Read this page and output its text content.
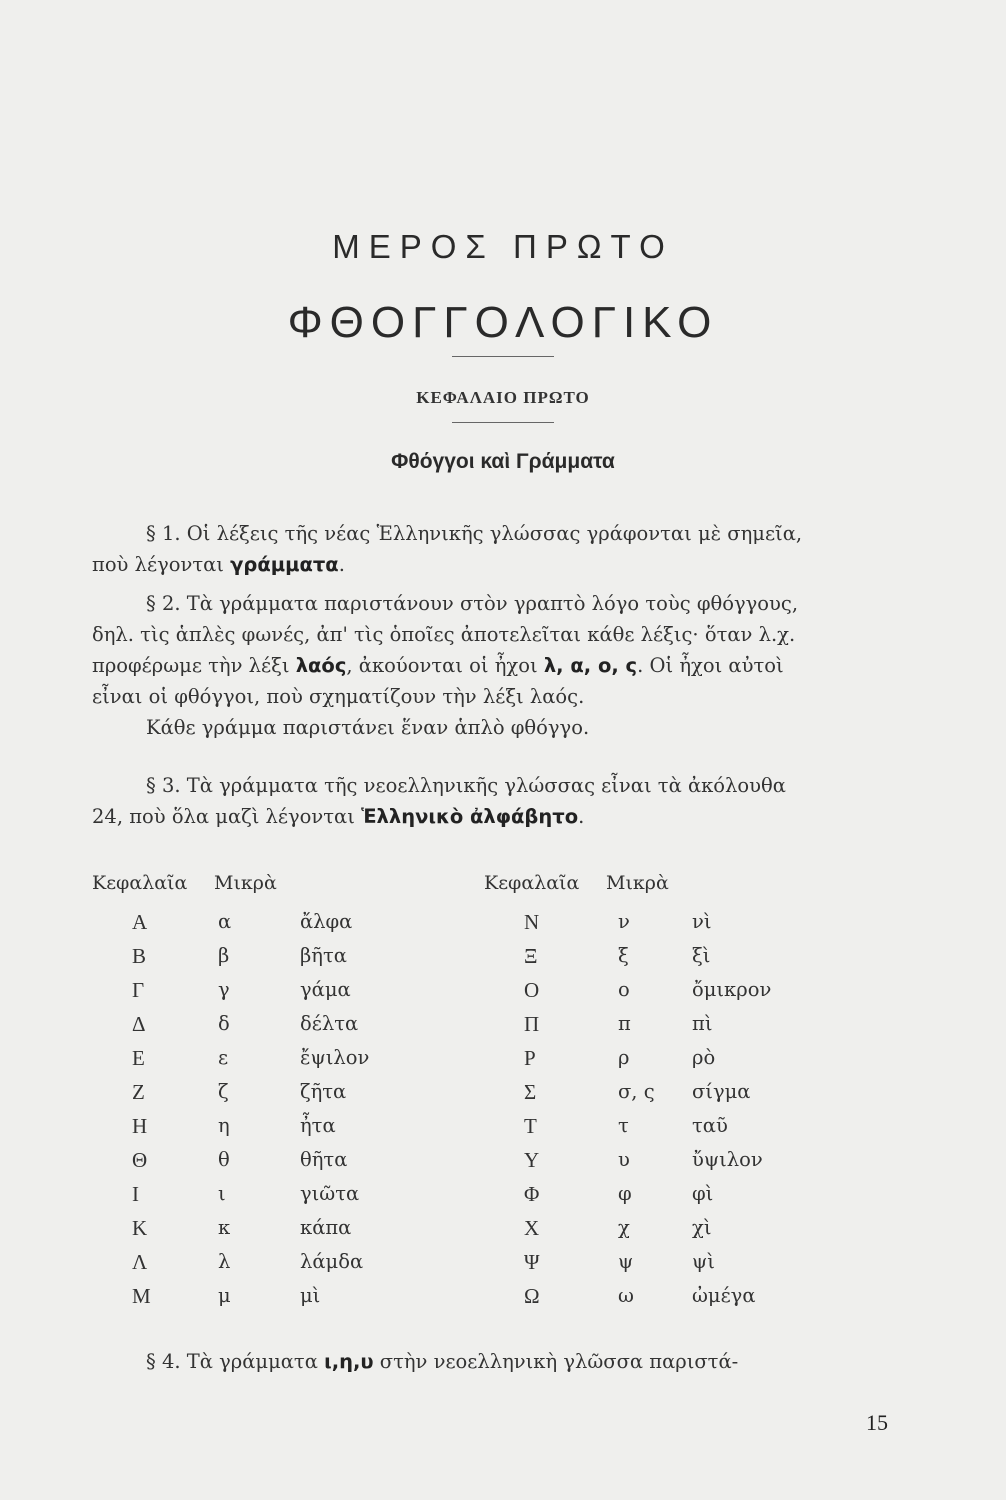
ΜΕΡΟΣ ΠΡΩΤΟ
ΦΘΟΓΓΟΛΟΓΙΚΟ
ΚΕΦΑΛΑΙΟ ΠΡΩΤΟ
Φθόγγοι καὶ Γράμματα
§ 1. Οἱ λέξεις τῆς νέας Ἑλληνικῆς γλώσσας γράφονται μὲ σημεῖα,
ποὺ λέγονται γράμματα.
§ 2. Τὰ γράμματα παριστάνουν στὸν γραπτὸ λόγο τοὺς φθόγγους,
δηλ. τὶς ἁπλὲς φωνές, ἀπ' τὶς ὁποῖες ἀποτελεῖται κάθε λέξις· ὅταν λ.χ.
προφέρωμε τὴν λέξι λαός, ἀκούονται οἱ ἦχοι λ, α, ο, ς. Οἱ ἦχοι αὐτοὶ
εἶναι οἱ φθόγγοι, ποὺ σχηματίζουν τὴν λέξι λαός.
Κάθε γράμμα παριστάνει ἕναν ἁπλὸ φθόγγο.
§ 3. Τὰ γράμματα τῆς νεοελληνικῆς γλώσσας εἶναι τὰ ἀκόλουθα
24, ποὺ ὅλα μαζὶ λέγονται Ἑλληνικὸ ἀλφάβητο.
Κεφαλαῖα Μικρὰ	Κεφαλαῖα Μικρὰ
Α	α	ἄλφα
Β	β	βῆτα
Γ	γ	γάμα
Δ	δ	δέλτα
Ε	ε	ἔψιλον
Ζ	ζ	ζῆτα
Η	η	ἦτα
Θ	θ	θῆτα
Ι	ι	γιῶτα
Κ	κ	κάπα
Λ	λ	λάμδα
Μ	μ	μὶ
Ν	ν	νὶ
Ξ	ξ	ξὶ
Ο	ο	ὄμικρον
Π	π	πὶ
Ρ	ρ	ρὸ
Σ	σ, ς σίγμα
Τ	τ	ταῦ
Υ	υ	ὔψιλον
Φ	φ	φὶ
Χ	χ	χὶ
Ψ	ψ	ψὶ
Ω	ω	ὠμέγα
§ 4. Τὰ γράμματα ι,η,υ στὴν νεοελληνικὴ γλῶσσα παριστά-
15
